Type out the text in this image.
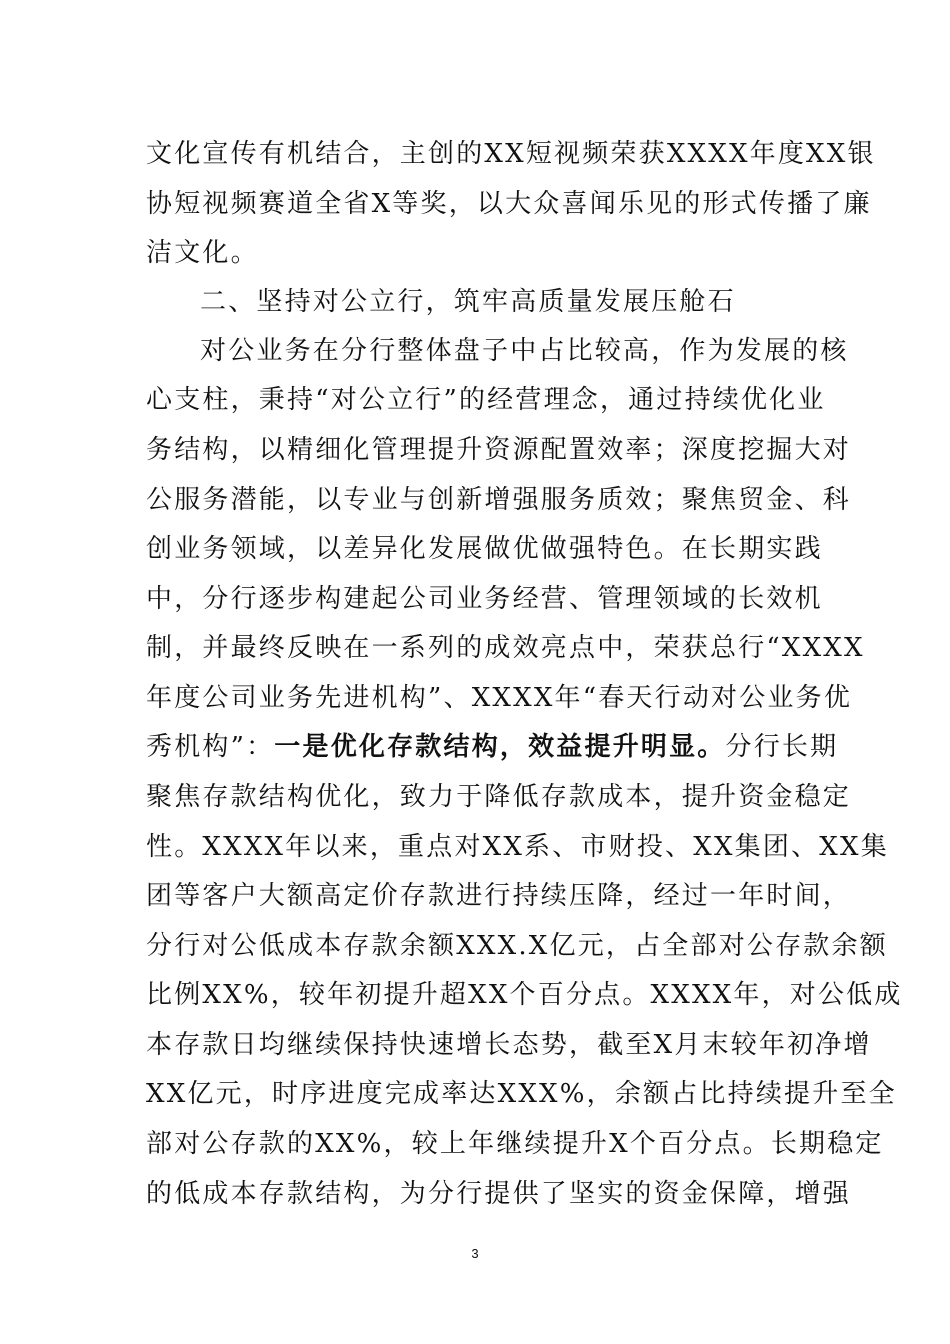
文化宣传有机结合，主创的XX短视频荣获XXXX年度XX银
协短视频赛道全省X等奖，以大众喜闻乐见的形式传播了廉
洁文化。
二、坚持对公立行，筑牢高质量发展压舱石
对公业务在分行整体盘子中占比较高，作为发展的核
心支柱，秉持“对公立行”的经营理念，通过持续优化业
务结构，以精细化管理提升资源配置效率；深度挖掘大对
公服务潜能，以专业与创新增强服务质效；聚焦贸金、科
创业务领域，以差异化发展做优做强特色。在长期实践
中，分行逐步构建起公司业务经营、管理领域的长效机
制，并最终反映在一系列的成效亮点中，荣获总行“XXXX
年度公司业务先进机构”、XXXX年“春天行动对公业务优
秀机构”：一是优化存款结构，效益提升明显。分行长期
聚焦存款结构优化，致力于降低存款成本，提升资金稳定
性。XXXX年以来，重点对XX系、市财投、XX集团、XX集
团等客户大额高定价存款进行持续压降，经过一年时间，
分行对公低成本存款余额XXX.X亿元，占全部对公存款余额
比例XX%，较年初提升超XX个百分点。XXXX年，对公低成
本存款日均继续保持快速增长态势，截至X月末较年初净增
XX亿元，时序进度完成率达XXX%，余额占比持续提升至全
部对公存款的XX%，较上年继续提升X个百分点。长期稳定
的低成本存款结构，为分行提供了坚实的资金保障，增强
3
